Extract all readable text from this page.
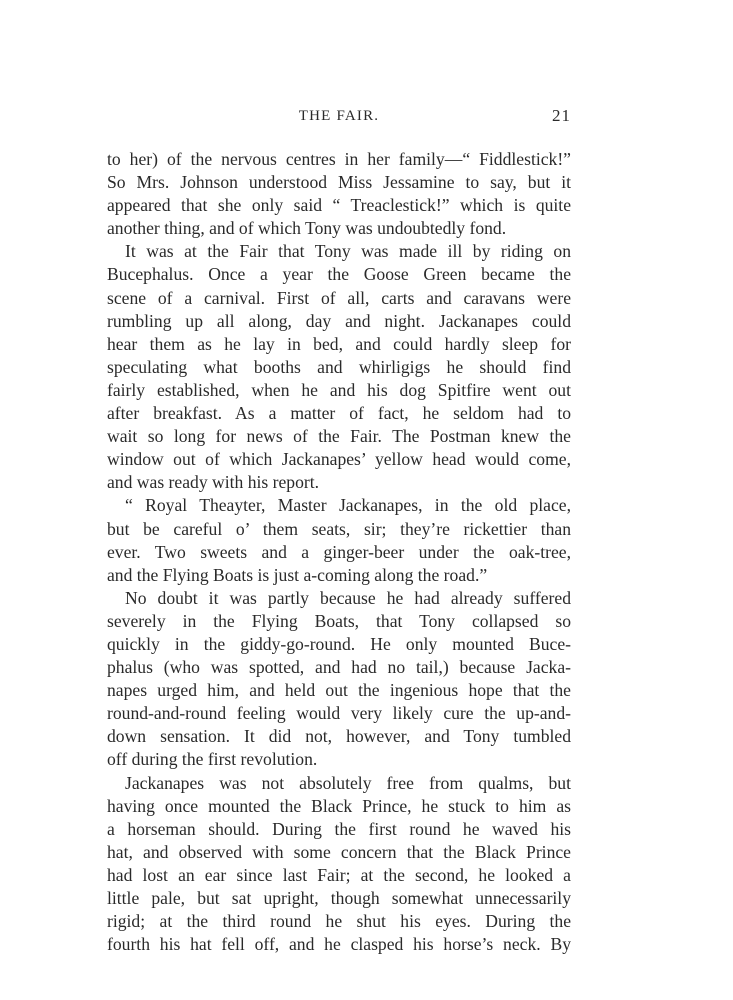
THE FAIR.	21
to her) of the nervous centres in her family—“ Fiddlestick!”
So Mrs. Johnson understood Miss Jessamine to say, but it
appeared that she only said “ Treaclestick!” which is quite
another thing, and of which Tony was undoubtedly fond.
It was at the Fair that Tony was made ill by riding on
Bucephalus. Once a year the Goose Green became the
scene of a carnival. First of all, carts and caravans were
rumbling up all along, day and night. Jackanapes could
hear them as he lay in bed, and could hardly sleep for
speculating what booths and whirligigs he should find
fairly established, when he and his dog Spitfire went out
after breakfast. As a matter of fact, he seldom had to
wait so long for news of the Fair. The Postman knew the
window out of which Jackanapes’ yellow head would come,
and was ready with his report.
“ Royal Theayter, Master Jackanapes, in the old place,
but be careful o’ them seats, sir; they’re rickettier than
ever. Two sweets and a ginger-beer under the oak-tree,
and the Flying Boats is just a-coming along the road.”
No doubt it was partly because he had already suffered
severely in the Flying Boats, that Tony collapsed so
quickly in the giddy-go-round. He only mounted Buce-
phalus (who was spotted, and had no tail,) because Jacka-
napes urged him, and held out the ingenious hope that the
round-and-round feeling would very likely cure the up-and-
down sensation. It did not, however, and Tony tumbled
off during the first revolution.
Jackanapes was not absolutely free from qualms, but
having once mounted the Black Prince, he stuck to him as
a horseman should. During the first round he waved his
hat, and observed with some concern that the Black Prince
had lost an ear since last Fair; at the second, he looked a
little pale, but sat upright, though somewhat unnecessarily
rigid; at the third round he shut his eyes. During the
fourth his hat fell off, and he clasped his horse’s neck. By
